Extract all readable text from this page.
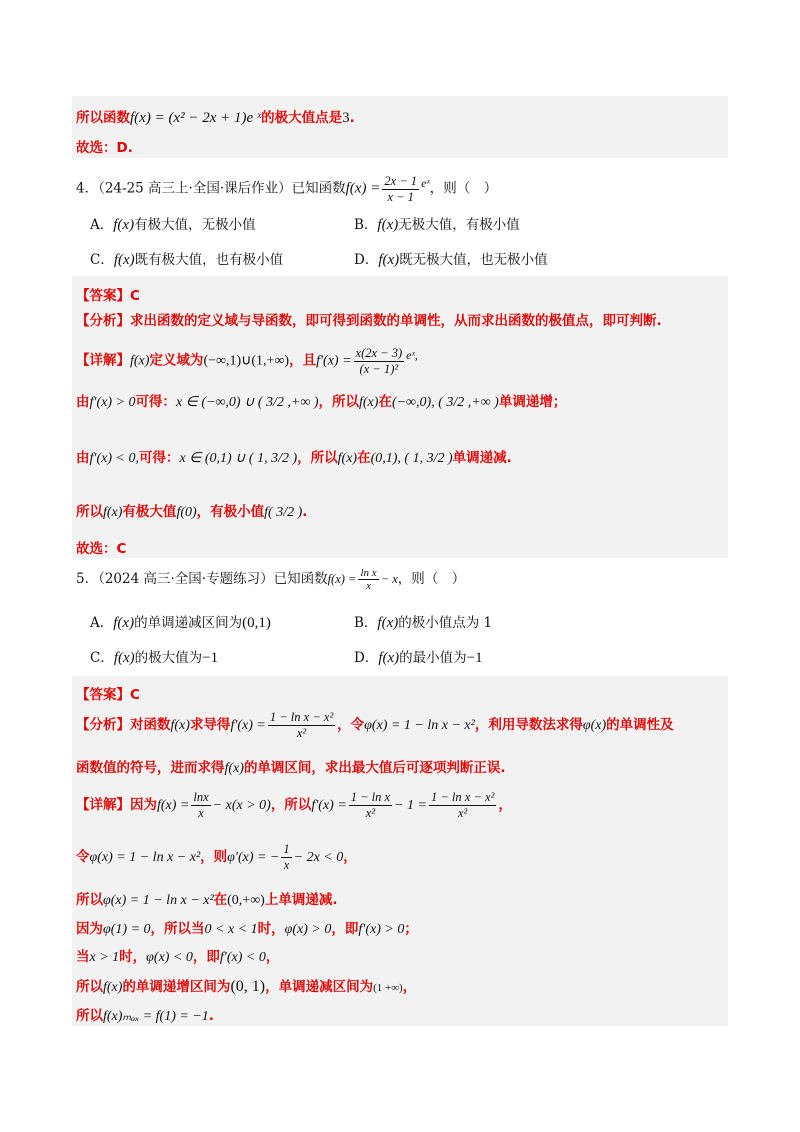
所以函数f(x) = (x² − 2x + 1)e ˣ的极大值点是3.
故选：D.
4．（24-25 高三上·全国·课后作业）已知函数$f(x) = \frac{2x - 1}{x - 1}$ eˣ，则（　）
A．f(x)有极大值，无极小值	B．f(x)无极大值，有极小值
C．f(x)既有极大值，也有极小值	D．f(x)既无极大值，也无极小值
【答案】C
【分析】求出函数的定义域与导函数，即可得到函数的单调性，从而求出函数的极值点，即可判断.
【详解】f(x)定义域为(−∞,1)∪(1,+∞)，且$f'(x) = \frac{x(2x - 3)}{\text{(x − 1)²}}$ eˣ,
由f′(x) > 0可得：x ∈ (−∞,0) ∪ ( 3/2 ,+∞ )，所以f(x)在(−∞,0), ( 3/2 ,+∞ )单调递增；
由f′(x) < 0,可得：x ∈ (0,1) ∪ ( 1, 3/2 )，所以f(x)在(0,1), ( 1, 3/2 )单调递减.
所以f(x)有极大值f(0)，有极小值f( 3/2 ).
故选：C
5．（2024 高三·全国·专题练习）已知函数$f(x) = \frac{\text{ln x}}{x} - x$，则（　）
A．f(x)的单调递减区间为(0,1)	B．f(x)的极小值点为 1
C．f(x)的极大值为−1	D．f(x)的最小值为−1
【答案】C
【分析】对函数f(x)求导得$f'(x) = \frac{\text{1 − ln x − x²}}{\text{x²}}$ ，令φ(x) = 1 − ln x − x²，利用导数法求得φ(x)的单调性及
函数值的符号，进而求得f(x)的单调区间，求出最大值后可逐项判断正误.
【详解】因为$f(x) = \frac{\ln x}{x} - x(x > 0)$，所以$f'(x) = \frac{\text{1 − ln x}}{\text{x²}} - 1 = \frac{\text{1 − ln x − x²}}{\text{x²}}$ ，
令φ(x) = 1 − ln x − x²，则φ′(x) = − $\frac{1}{x} - 2x < 0$，
所以φ(x) = 1 − ln x − x²在(0,+∞)上单调递减.
因为φ(1) = 0，所以当0 < x < 1时，φ(x) > 0，即f′(x) > 0；
当x > 1时，φ(x) < 0，即f′(x) < 0，
所以f(x)的单调递增区间为(0, 1)，单调递减区间为(1 +∞)，
所以f(x)ₘₐₓ = f(1) = −1.
